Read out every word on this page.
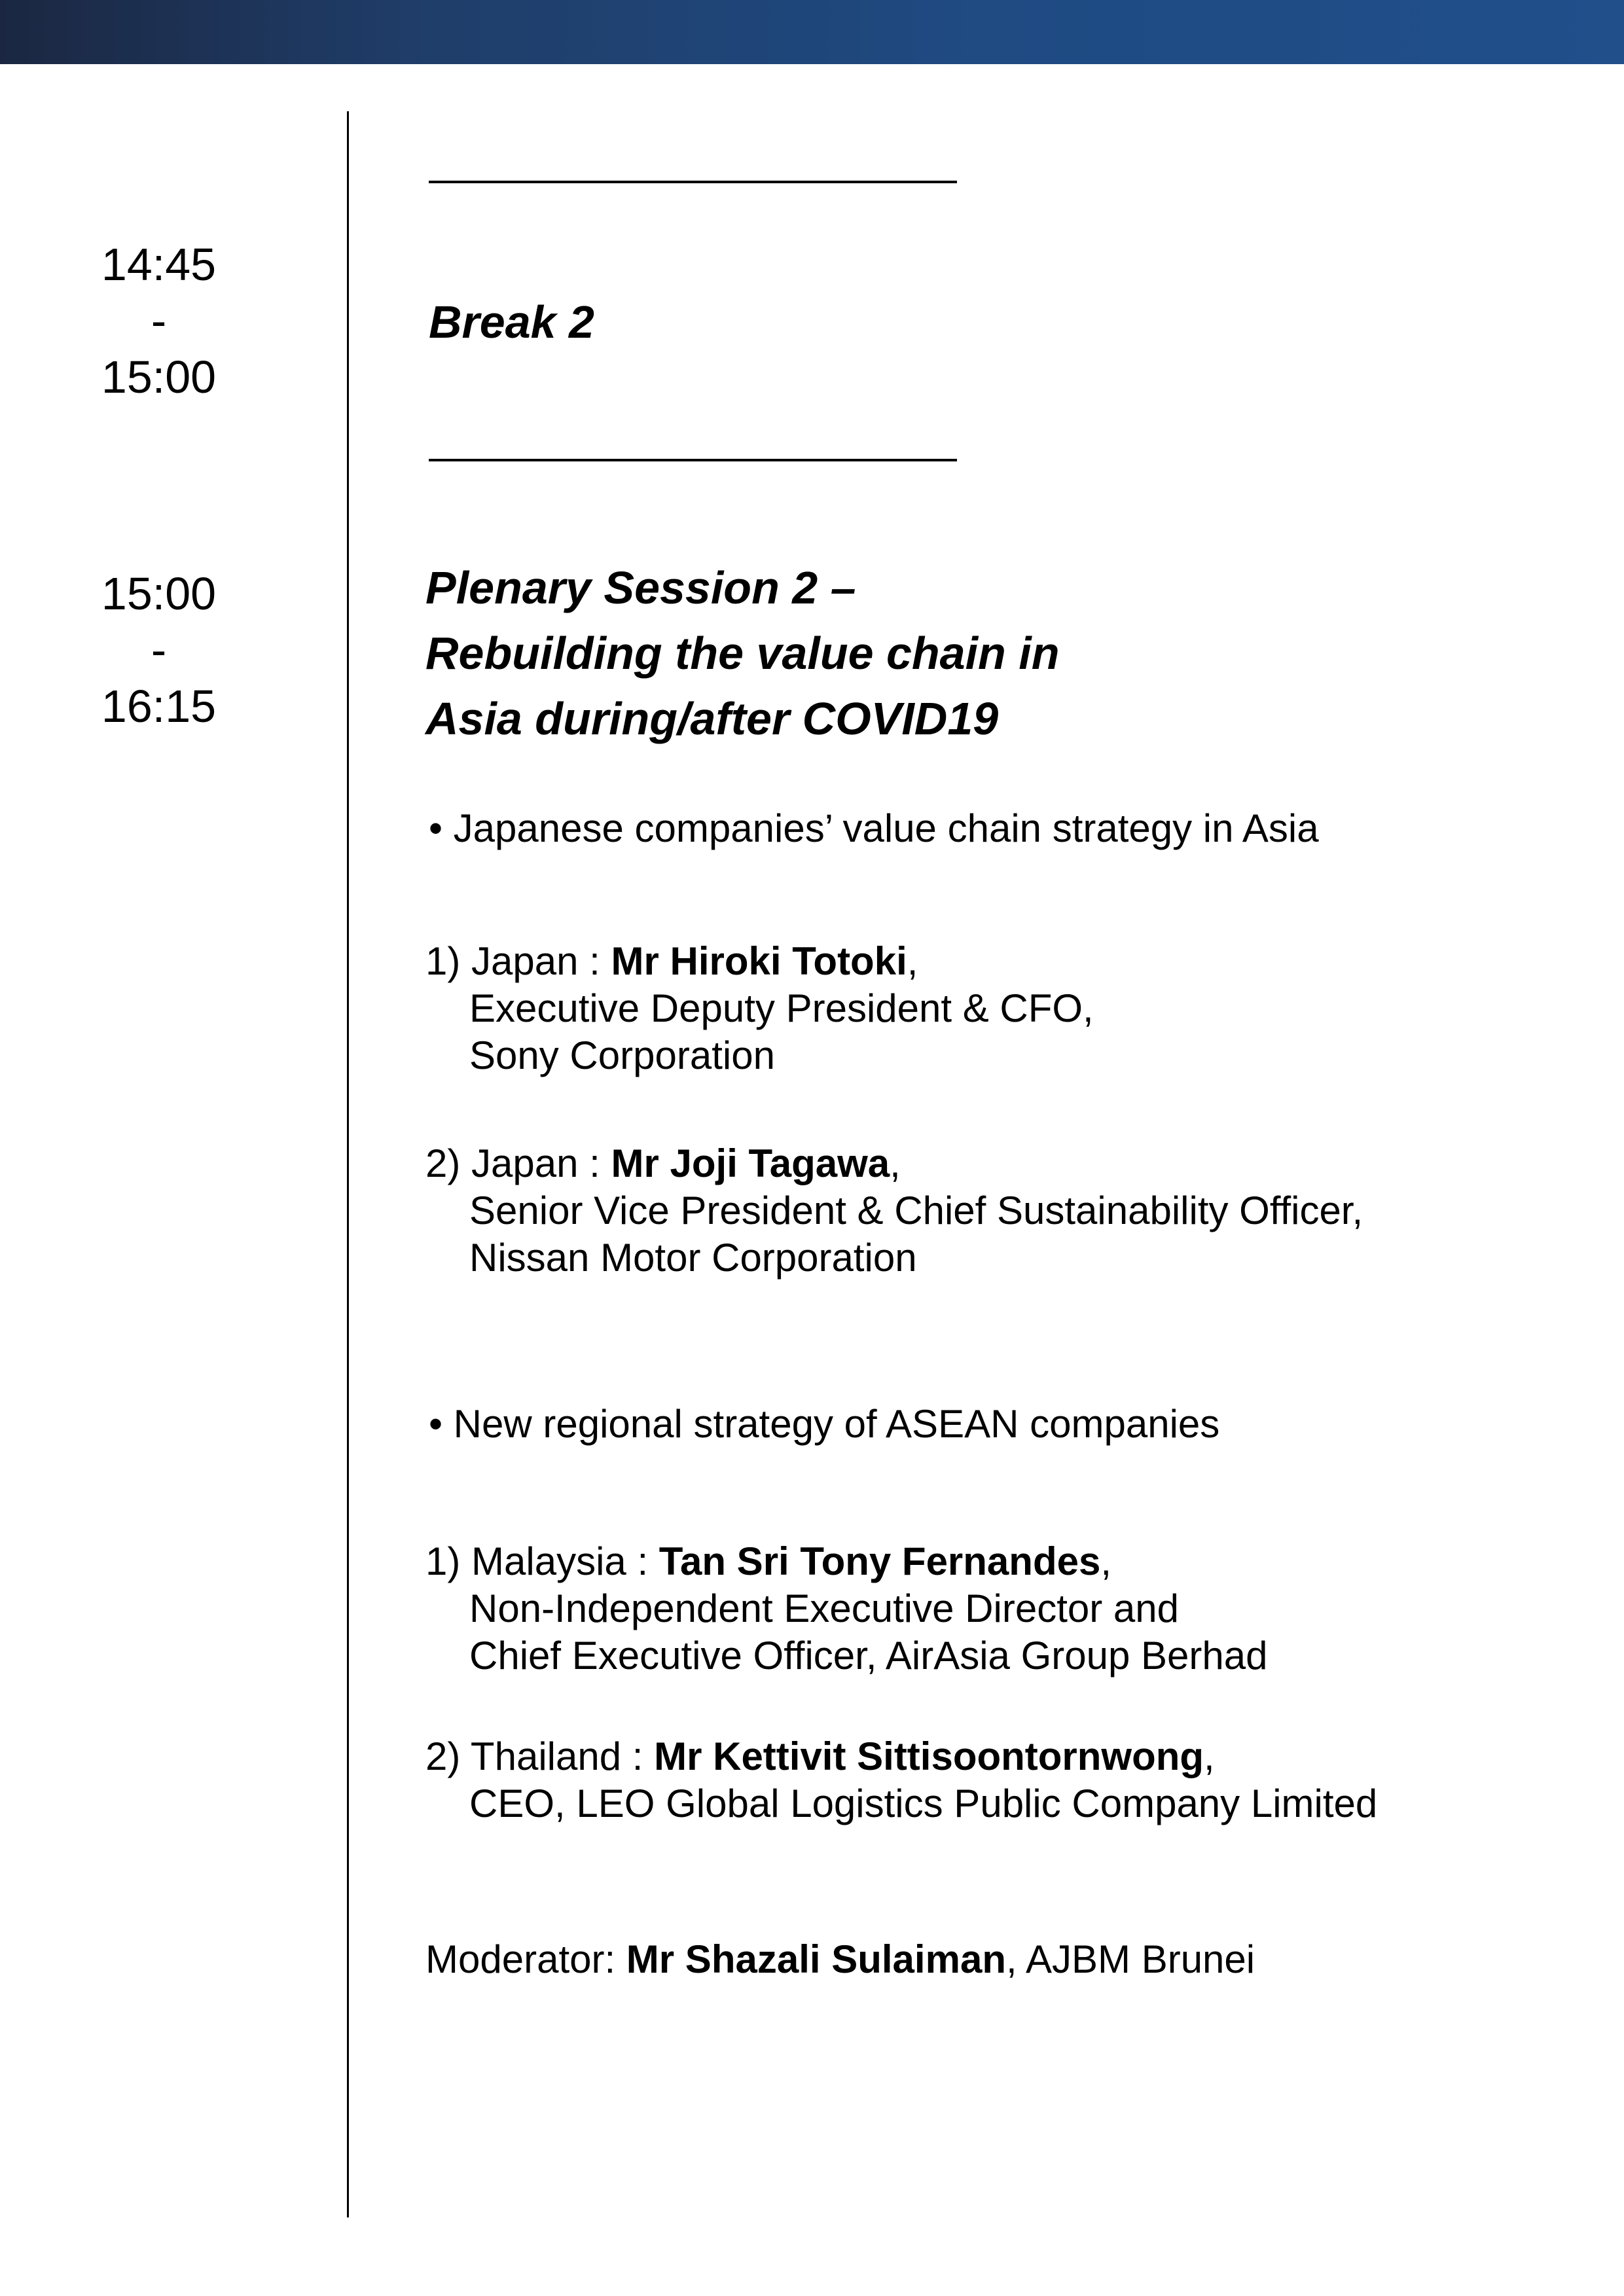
14:45
-
15:00
Break 2
15:00
-
16:15
Plenary Session 2 –
Rebuilding the value chain in
Asia during/after COVID19
• Japanese companies’ value chain strategy in Asia
1) Japan : Mr Hiroki Totoki,
Executive Deputy President & CFO,
Sony Corporation
2) Japan : Mr Joji Tagawa,
Senior Vice President & Chief Sustainability Officer,
Nissan Motor Corporation
• New regional strategy of ASEAN companies
1) Malaysia : Tan Sri Tony Fernandes,
Non-Independent Executive Director and
Chief Executive Officer, AirAsia Group Berhad
2) Thailand : Mr Kettivit Sittisoontornwong,
CEO, LEO Global Logistics Public Company Limited
Moderator: Mr Shazali Sulaiman, AJBM Brunei
